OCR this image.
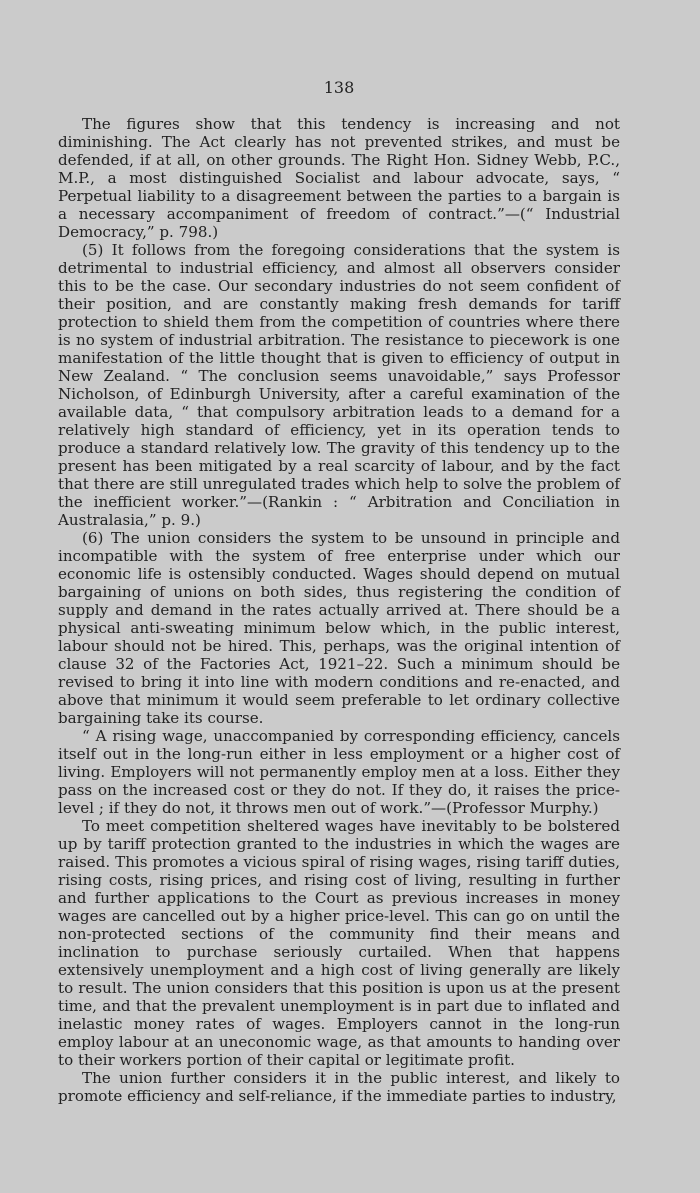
138

The figures show that this tendency is increasing and not diminishing. The Act clearly has not prevented strikes, and must be defended, if at all, on other grounds. The Right Hon. Sidney Webb, P.C., M.P., a most distinguished Socialist and labour advocate, says, “ Perpetual liability to a disagreement between the parties to a bargain is a necessary accompaniment of freedom of contract.”—(“ Industrial Democracy,” p. 798.)

(5) It follows from the foregoing considerations that the system is detrimental to industrial efficiency, and almost all observers consider this to be the case. Our secondary industries do not seem confident of their position, and are constantly making fresh demands for tariff protection to shield them from the competition of countries where there is no system of industrial arbitration. The resistance to piecework is one manifestation of the little thought that is given to efficiency of output in New Zealand. “ The conclusion seems unavoidable,” says Professor Nicholson, of Edinburgh University, after a careful examination of the available data, “ that compulsory arbitration leads to a demand for a relatively high standard of efficiency, yet in its operation tends to produce a standard relatively low. The gravity of this tendency up to the present has been mitigated by a real scarcity of labour, and by the fact that there are still unregulated trades which help to solve the problem of the inefficient worker.”—(Rankin : “ Arbitration and Conciliation in Australasia,” p. 9.)

(6) The union considers the system to be unsound in principle and incompatible with the system of free enterprise under which our economic life is ostensibly conducted. Wages should depend on mutual bargaining of unions on both sides, thus registering the condition of supply and demand in the rates actually arrived at. There should be a physical anti-sweating minimum below which, in the public interest, labour should not be hired. This, perhaps, was the original intention of clause 32 of the Factories Act, 1921–22. Such a minimum should be revised to bring it into line with modern conditions and re-enacted, and above that minimum it would seem preferable to let ordinary collective bargaining take its course.

“ A rising wage, unaccompanied by corresponding efficiency, cancels itself out in the long-run either in less employment or a higher cost of living. Employers will not permanently employ men at a loss. Either they pass on the increased cost or they do not. If they do, it raises the price-level ; if they do not, it throws men out of work.”—(Professor Murphy.)

To meet competition sheltered wages have inevitably to be bolstered up by tariff protection granted to the industries in which the wages are raised. This promotes a vicious spiral of rising wages, rising tariff duties, rising costs, rising prices, and rising cost of living, resulting in further and further applications to the Court as previous increases in money wages are cancelled out by a higher price-level. This can go on until the non-protected sections of the community find their means and inclination to purchase seriously curtailed. When that happens extensively unemployment and a high cost of living generally are likely to result. The union considers that this position is upon us at the present time, and that the prevalent unemployment is in part due to inflated and inelastic money rates of wages. Employers cannot in the long-run employ labour at an uneconomic wage, as that amounts to handing over to their workers portion of their capital or legitimate profit.

The union further considers it in the public interest, and likely to promote efficiency and self-reliance, if the immediate parties to industry,
